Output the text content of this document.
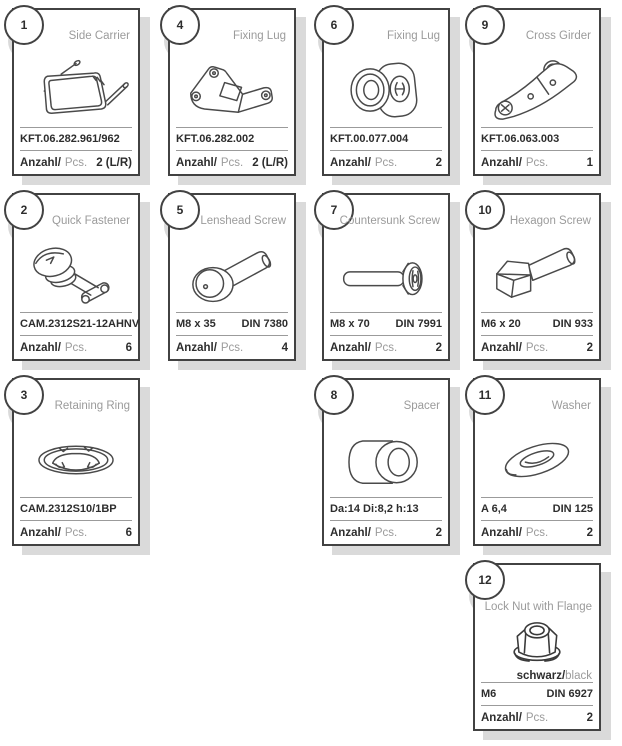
1
Side Carrier
KFT.06.282.961/962
Anzahl/ Pcs. 2 (L/R)
4
Fixing Lug
KFT.06.282.002
Anzahl/ Pcs. 2 (L/R)
6
Fixing Lug
KFT.00.077.004
Anzahl/ Pcs.	2
9
Cross Girder
KFT.06.063.003
Anzahl/ Pcs.	1
2
Quick Fastener
CAM.2312S21-12AHNV
Anzahl/ Pcs.	6
5
Lenshead Screw
M8 x 35 DIN 7380
Anzahl/ Pcs.	4
7
Countersunk Screw
M8 x 70 DIN 7991
Anzahl/ Pcs.	2
10
Hexagon Screw
M6 x 20	DIN 933
Anzahl/ Pcs.	2
3
Retaining Ring
CAM.2312S10/1BP
Anzahl/ Pcs.	6
8
Spacer
Da:14 Di:8,2 h:13
Anzahl/ Pcs.	2
11
Washer
A 6,4	DIN 125
Anzahl/ Pcs.	2
12
Lock Nut with Flange
schwarz/black
M6	DIN 6927
Anzahl/ Pcs.	2
